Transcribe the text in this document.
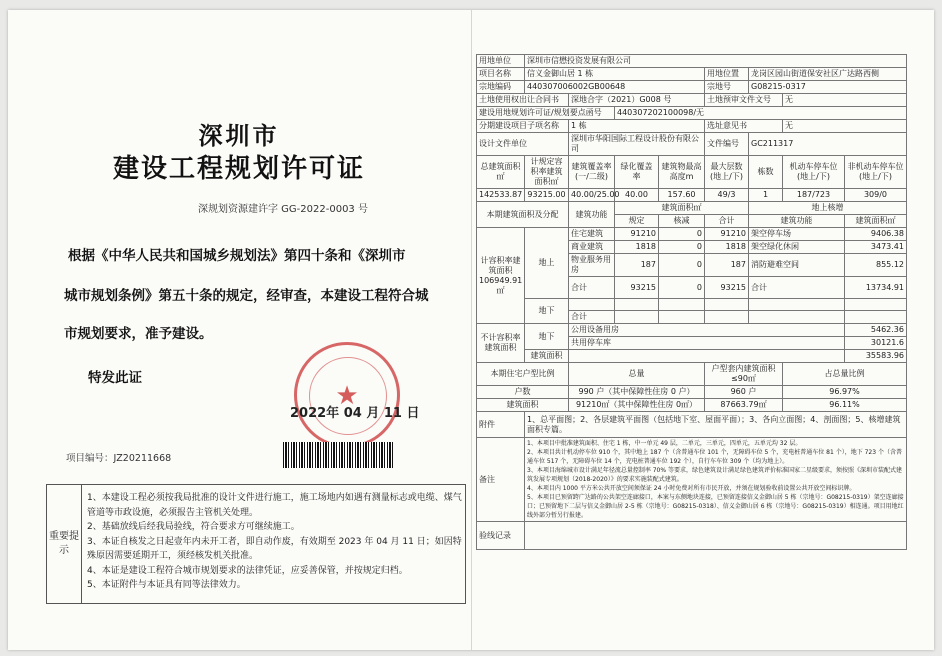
深圳市
建设工程规划许可证
深规划资源建许字 GG-2022-0003 号
根据《中华人民共和国城乡规划法》第四十条和《深圳市
城市规划条例》第五十条的规定，经审查，本建设工程符合城
市规划要求，准予建设。
特发此证
★
2022年 04 月 11 日
项目编号：JZ20211668
重要提示
1、本建设工程必须按我局批准的设计文件进行施工，施工场地内如遇有测量标志或电缆、煤气管道等市政设施，必须报告主管机关处理。
2、基础放线后经我局验线，符合要求方可继续施工。
3、本证自核发之日起壹年内未开工者，即自动作废，有效期至 2023 年 04 月 11 日；如因特殊原因需要延期开工，须经核发机关批准。
4、本证是建设工程符合城市规划要求的法律凭证，应妥善保管，并按规定归档。
5、本证附件与本证具有同等法律效力。
用地单位	深圳市信懋投资发展有限公司							
项目名称	信义金御山居 1 栋				用地位置	龙岗区园山街道保安社区广达路西侧		
宗地编码	440307006002GB00648				宗地号	G08215-0317		
土地使用权出让合同书		深地合字（2021）G008 号			土地预审文件文号		无	
建设用地规划许可证/规划要点函号			440307202100098/无					
分期建设项目子项名称		1 栋			选址意见书		无	
设计文件单位		深圳市华阳国际工程设计股份有限公司			文件编号	GC211317		
总建筑面积㎡	计规定容积率建筑面积㎡	建筑覆盖率(一/二级)	绿化覆盖率	建筑物最高高度m	最大层数(地上/下)	栋数	机动车停车位(地上/下)	非机动车停车位(地上/下)
142533.87	93215.00	40.00/25.00	40.00	157.60	49/3	1	187/723	309/0
本期建筑面积及分配		建筑功能	建筑面积㎡			地上核增		
			规定	核减	合计	建筑功能		建筑面积㎡
计容积率建筑面积106949.91㎡	地上	住宅建筑	91210	0	91210	架空停车场		9406.38
		商业建筑	1818	0	1818	架空绿化休闲		3473.41
		物业服务用房	187	0	187	消防避难空间		855.12
		合计	93215	0	93215	合计		13734.91
	地下							
		合计						
不计容积率建筑面积	地下	公用设备用房						5462.36
		共用停车库						30121.6
	建筑面积							35583.96
本期住宅户型比例		总量			户型套内建筑面积≤90㎡		占总量比例	
户数		990 户（其中保障性住房 0 户）			960 户		96.97%	
建筑面积		91210㎡（其中保障性住房 0㎡）			87663.79㎡		96.11%	
附件	1、总平面图；2、各层建筑平面图（包括地下室、屋面平面）；3、各向立面图；4、剖面图；5、核增建筑面积专篇。							
备注	1、本项目中批准建筑面积、住宅 1 栋，中一单元 49 层，二单元，三单元，四单元，五单元均 32 层。
2、本项目共计机动停车位 910 个，其中地上 187 个（含普通车位 101 个，无障碍车位 5 个，充电桩普通车位 81 个），地下 723 个（含普通车位 517 个，无障碍车位 14 个，充电桩普通车位 192 个），自行车车位 309 个（均为地上）。
3、本项目海绵城市设计满足年径流总量控制率 70% 等要求，绿色建筑设计满足绿色建筑评价标准国家二星级要求，须按照《深圳市装配式建筑发展专项规划（2018-2020）》的要求实施装配式建筑。
4、本项目内 1000 平方米公共开放空间须保证 24 小时免费对所有市民开放，并须在规划验收前设置公共开放空间标识牌。
5、本项目已预留跨广达路的公共架空连廊接口，本案与东侧地块连接，已预留连接信义金御山居 5 栋（宗地号：G08215-0319）架空连廊接口；已预留地下二层与信义金御山居 2-5 栋（宗地号：G08215-0318）、信义金御山居 6 栋（宗地号：G08215-0319）相连通。项目用地红线外部分暂另行报建。							

验线记录								
